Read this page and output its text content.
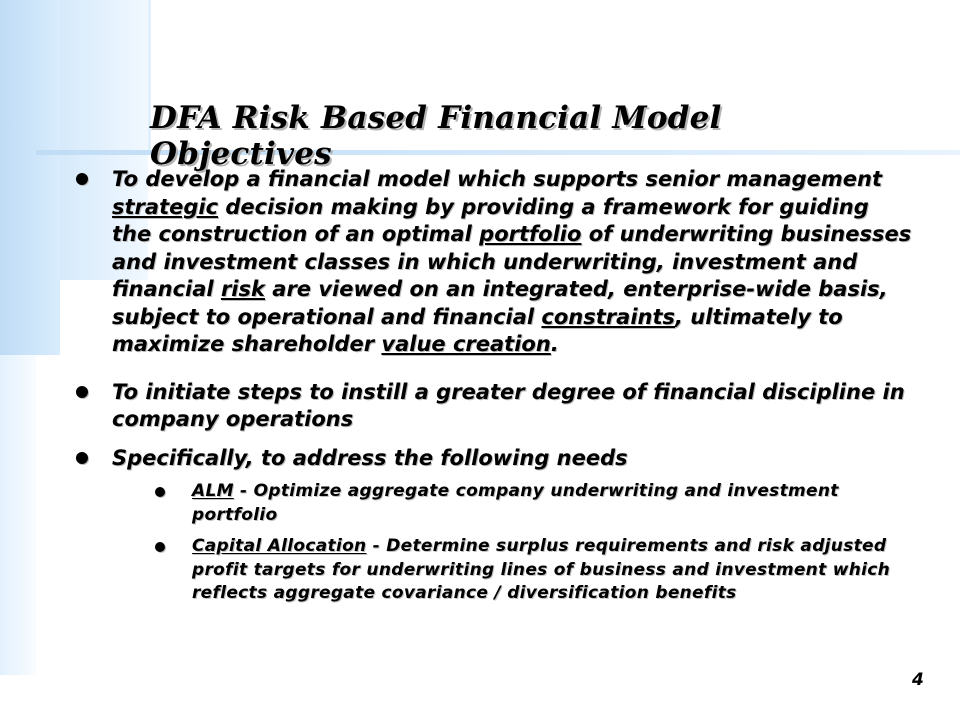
DFA Risk Based Financial Model Objectives
To develop a financial model which supports senior management strategic decision making by providing a framework for guiding the construction of an optimal portfolio of underwriting businesses and investment classes in which underwriting, investment and financial risk are viewed on an integrated, enterprise-wide basis, subject to operational and financial constraints, ultimately to maximize shareholder value creation.
To initiate steps to instill a greater degree of financial discipline in company operations
Specifically, to address the following needs
ALM - Optimize aggregate company underwriting and investment portfolio
Capital Allocation - Determine surplus requirements and risk adjusted profit targets for underwriting lines of business and investment which reflects aggregate covariance / diversification benefits
4
